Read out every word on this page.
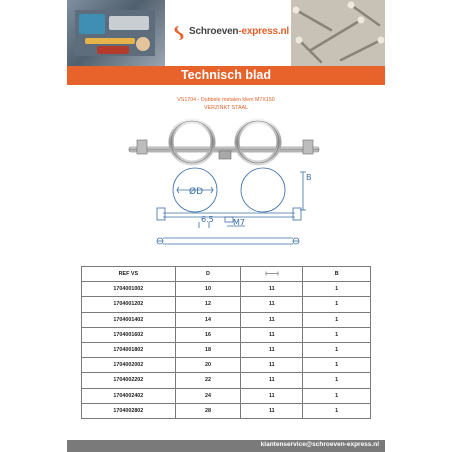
Schroeven-express.nl
Technisch blad
VS1704 - Dubbele metalen klem M7X150
VERZINKT STAAL
ØD
B
6.5 M7
REF VS	D		B
1704001002	10	11	1
1704001202	12	11	1
1704001402	14	11	1
1704001602	16	11	1
1704001802	18	11	1
1704002002	20	11	1
1704002202	22	11	1
1704002402	24	11	1
1704002802	28	11	1
klantenservice@schroeven-express.nl
